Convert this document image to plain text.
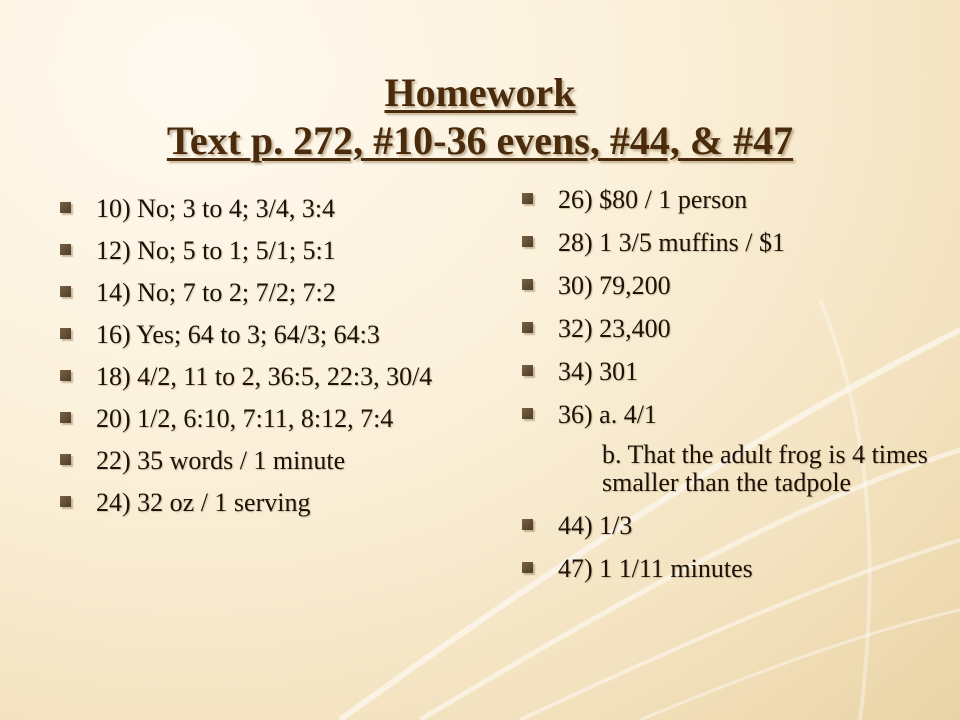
Homework
Text p. 272, #10-36 evens, #44, & #47
10) No; 3 to 4; 3/4, 3:4
12) No; 5 to 1; 5/1; 5:1
14) No; 7 to 2; 7/2; 7:2
16) Yes; 64 to 3; 64/3; 64:3
18) 4/2, 11 to 2, 36:5, 22:3, 30/4
20) 1/2, 6:10, 7:11, 8:12, 7:4
22) 35 words / 1 minute
24) 32 oz / 1 serving
26) $80 / 1 person
28) 1 3/5 muffins / $1
30) 79,200
32) 23,400
34) 301
36) a. 4/1
b. That the adult frog is 4 times smaller than the tadpole
44) 1/3
47) 1 1/11 minutes
